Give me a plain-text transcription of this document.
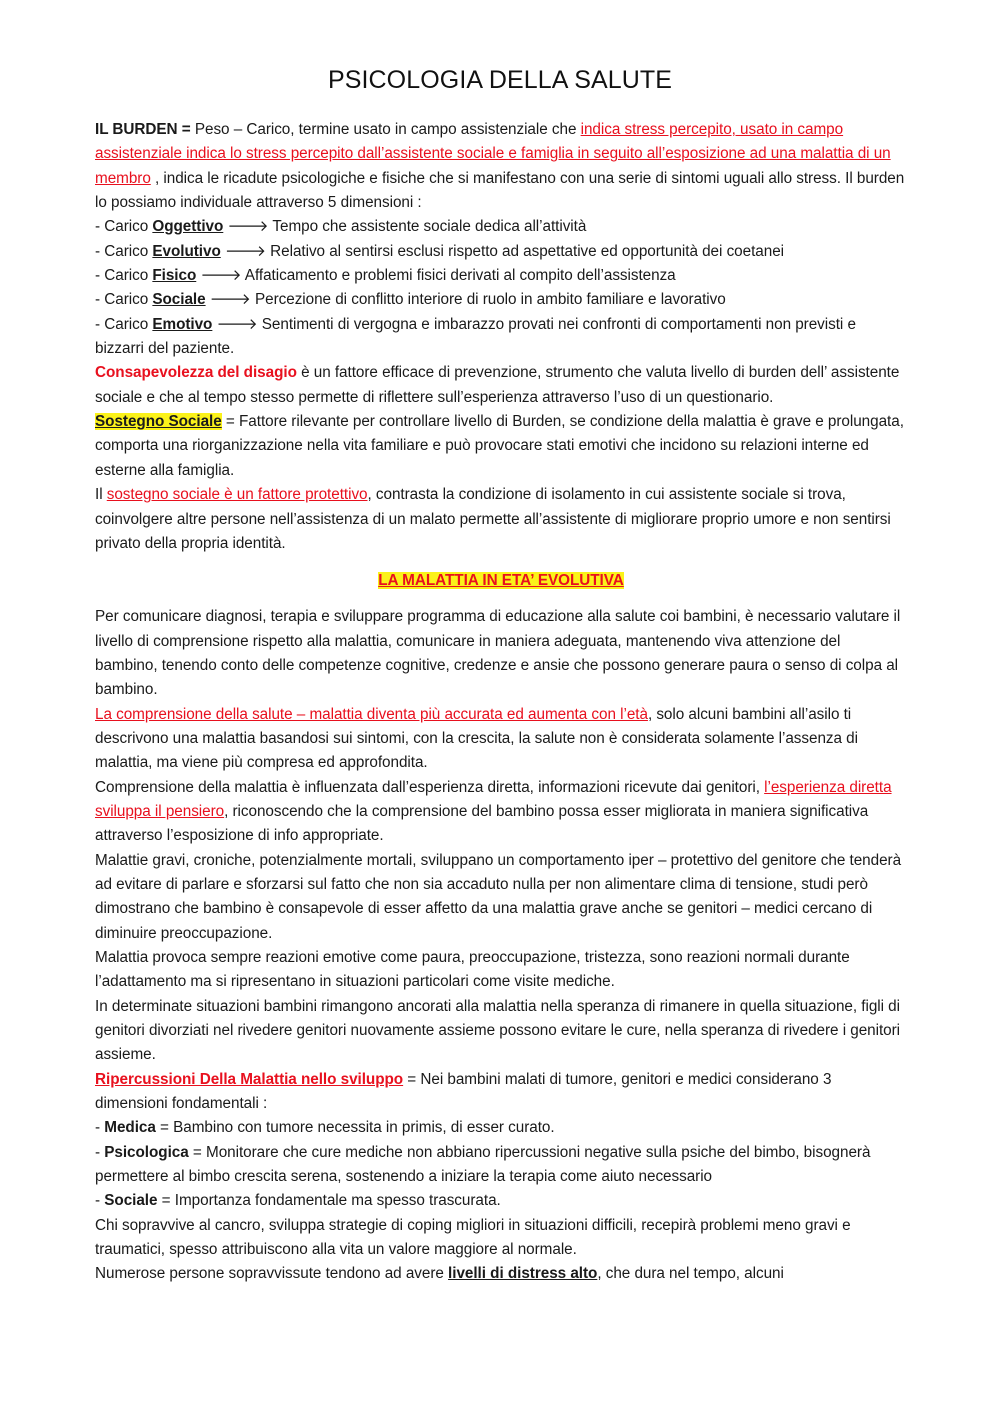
PSICOLOGIA DELLA SALUTE

IL BURDEN = Peso – Carico, termine usato in campo assistenziale che indica stress percepito, usato in campo assistenziale indica lo stress percepito dall’assistente sociale e famiglia in seguito all’esposizione ad una malattia di un membro , indica le ricadute psicologiche e fisiche che si manifestano con una serie di sintomi uguali allo stress. Il burden lo possiamo individuale attraverso 5 dimensioni :

- Carico Oggettivo 🡒 Tempo che assistente sociale dedica all’attività

- Carico Evolutivo 🡒 Relativo al sentirsi esclusi rispetto ad aspettative ed opportunità dei coetanei

- Carico Fisico 🡒 Affaticamento e problemi fisici derivati al compito dell’assistenza

- Carico Sociale 🡒 Percezione di conflitto interiore di ruolo in ambito familiare e lavorativo

- Carico Emotivo 🡒 Sentimenti di vergogna e imbarazzo provati nei confronti di comportamenti non previsti e bizzarri del paziente.

Consapevolezza del disagio è un fattore efficace di prevenzione, strumento che valuta livello di burden dell’ assistente sociale e che al tempo stesso permette di riflettere sull’esperienza attraverso l’uso di un questionario.

Sostegno Sociale = Fattore rilevante per controllare livello di Burden, se condizione della malattia è grave e prolungata, comporta una riorganizzazione nella vita familiare e può provocare stati emotivi che incidono su relazioni interne ed esterne alla famiglia.

Il sostegno sociale è un fattore protettivo, contrasta la condizione di isolamento in cui assistente sociale si trova, coinvolgere altre persone nell’assistenza di un malato permette all’assistente di migliorare proprio umore e non sentirsi privato della propria identità.

LA MALATTIA IN ETA’ EVOLUTIVA

Per comunicare diagnosi, terapia e sviluppare programma di educazione alla salute coi bambini, è necessario valutare il livello di comprensione rispetto alla malattia, comunicare in maniera adeguata, mantenendo viva attenzione del bambino, tenendo conto delle competenze cognitive, credenze e ansie che possono generare paura o senso di colpa al bambino.

La comprensione della salute – malattia diventa più accurata ed aumenta con l’età, solo alcuni bambini all’asilo ti descrivono una malattia basandosi sui sintomi, con la crescita, la salute non è considerata solamente l’assenza di malattia, ma viene più compresa ed approfondita.

Comprensione della malattia è influenzata dall’esperienza diretta, informazioni ricevute dai genitori, l’esperienza diretta sviluppa il pensiero, riconoscendo che la comprensione del bambino possa esser migliorata in maniera significativa attraverso l’esposizione di info appropriate.

Malattie gravi, croniche, potenzialmente mortali, sviluppano un comportamento iper – protettivo del genitore che tenderà ad evitare di parlare e sforzarsi sul fatto che non sia accaduto nulla per non alimentare clima di tensione, studi però dimostrano che bambino è consapevole di esser affetto da una malattia grave anche se genitori – medici cercano di diminuire preoccupazione.

Malattia provoca sempre reazioni emotive come paura, preoccupazione, tristezza, sono reazioni normali durante l’adattamento ma si ripresentano in situazioni particolari come visite mediche.

In determinate situazioni bambini rimangono ancorati alla malattia nella speranza di rimanere in quella situazione, figli di genitori divorziati nel rivedere genitori nuovamente assieme possono evitare le cure, nella speranza di rivedere i genitori assieme.

Ripercussioni Della Malattia nello sviluppo = Nei bambini malati di tumore, genitori e medici considerano 3 dimensioni fondamentali :

- Medica = Bambino con tumore necessita in primis, di esser curato.

- Psicologica = Monitorare che cure mediche non abbiano ripercussioni negative sulla psiche del bimbo, bisognerà permettere al bimbo crescita serena, sostenendo a iniziare la terapia come aiuto necessario

- Sociale = Importanza fondamentale ma spesso trascurata.

Chi sopravvive al cancro, sviluppa strategie di coping migliori in situazioni difficili, recepirà problemi meno gravi e traumatici, spesso attribuiscono alla vita un valore maggiore al normale.

Numerose persone sopravvissute tendono ad avere livelli di distress alto, che dura nel tempo, alcuni
